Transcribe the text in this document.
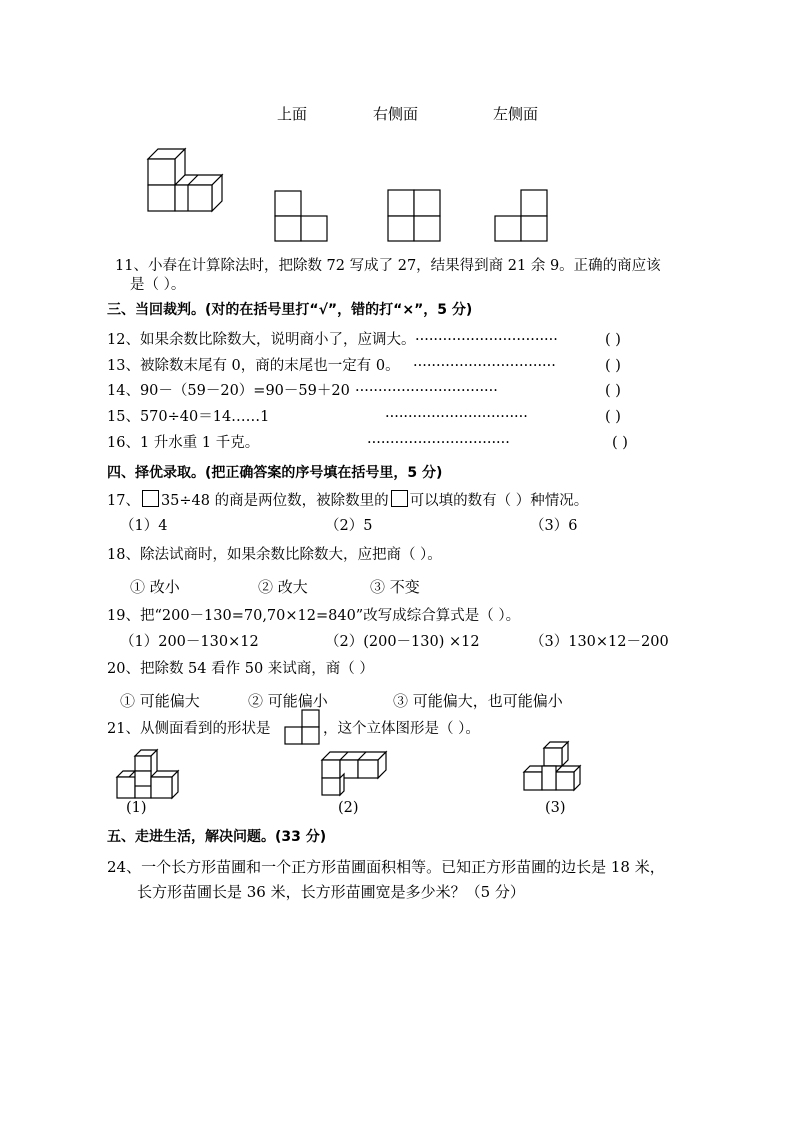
上面	右侧面	左侧面
11、小春在计算除法时，把除数 72 写成了 27，结果得到商 21 余 9。正确的商应该
是（ ）。
三、当回裁判。(对的在括号里打“√”，错的打“×”，5 分)
12、如果余数比除数大，说明商小了，应调大。 ·······························	( )
13、被除数末尾有 0，商的末尾也一定有 0。 ·······························	( )
14、90－（59－20）=90－59＋20 ·······························	( )
15、570÷40＝14……1	·······························	( )
16、1 升水重 1 千克。	·······························	( )
四、择优录取。(把正确答案的序号填在括号里，5 分)
17、 35÷48 的商是两位数，被除数里的 可以填的数有（ ）种情况。
（1）4	（2）5	（3）6
18、除法试商时，如果余数比除数大，应把商（ ）。
① 改小	② 改大	③ 不变
19、把“200－130=70,70×12=840”改写成综合算式是（ ）。
（1）200－130×12	（2）(200－130) ×12	（3）130×12－200
20、把除数 54 看作 50 来试商，商（ ）
① 可能偏大	② 可能偏小	③ 可能偏大，也可能偏小
21、从侧面看到的形状是	，这个立体图形是（ ）。
(1)	(2)	(3)
五、走进生活，解决问题。(33 分)
24、一个长方形苗圃和一个正方形苗圃面积相等。已知正方形苗圃的边长是 18 米，
长方形苗圃长是 36 米，长方形苗圃宽是多少米？（5 分）
